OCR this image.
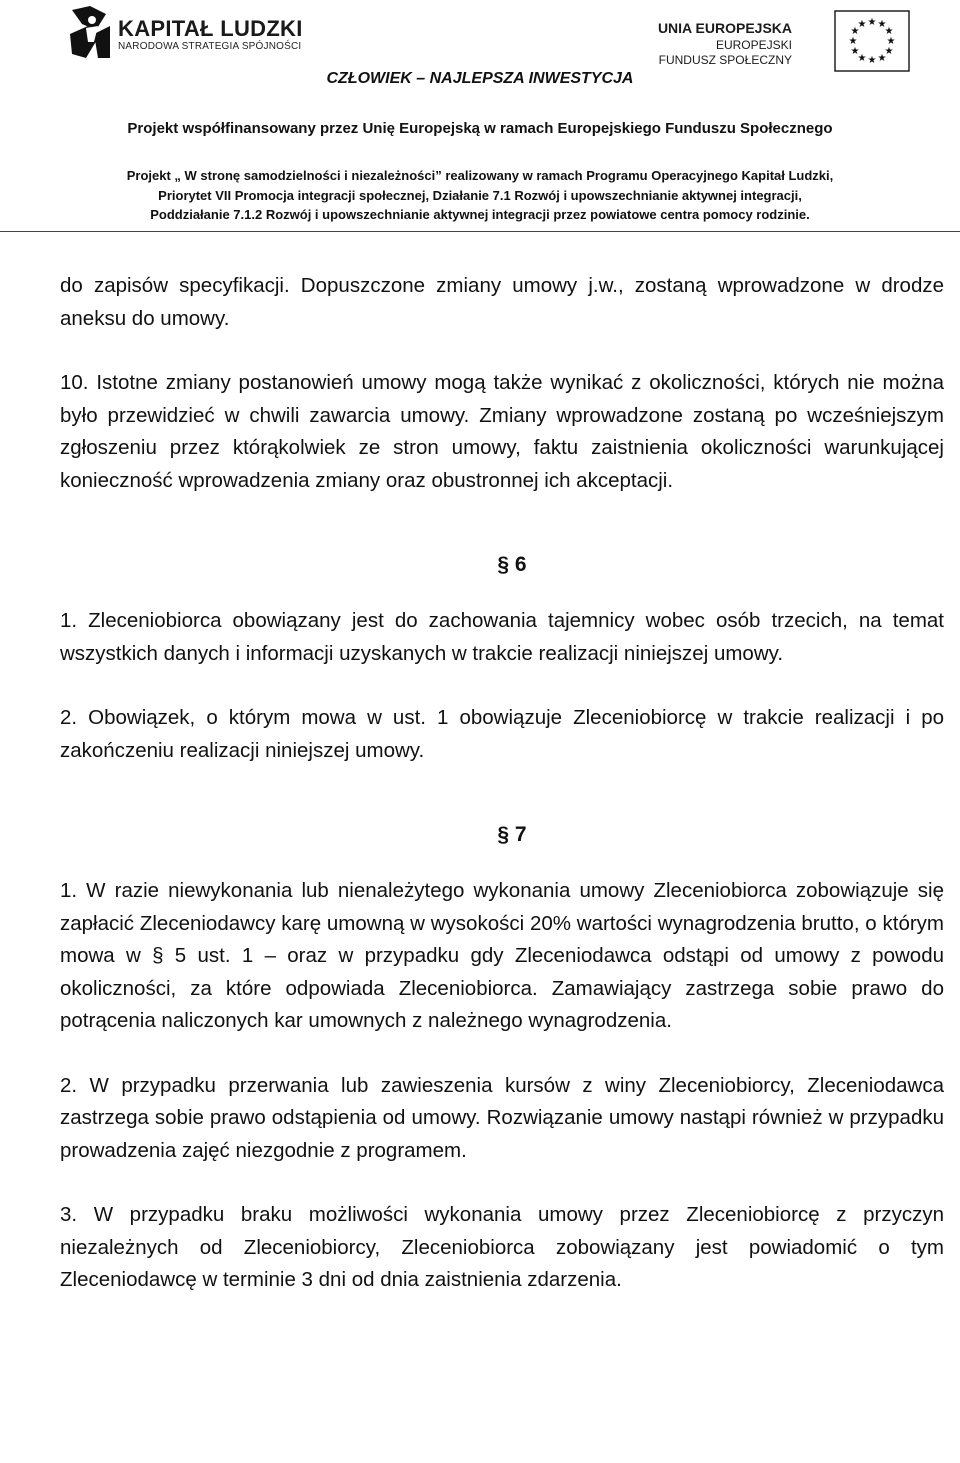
KAPITAŁ LUDZKI
NARODOWA STRATEGIA SPÓJNOŚCI
UNIA EUROPEJSKA
EUROPEJSKI
FUNDUSZ SPOŁECZNY
★ ★
★
★
★
★
★
★
★
★
★
★
CZŁOWIEK – NAJLEPSZA INWESTYCJA
Projekt współfinansowany przez Unię Europejską w ramach Europejskiego Funduszu Społecznego
Projekt „ W stronę samodzielności i niezależności” realizowany w ramach Programu Operacyjnego Kapitał Ludzki,
Priorytet VII Promocja integracji społecznej, Działanie 7.1 Rozwój i upowszechnianie aktywnej integracji,
Poddziałanie 7.1.2 Rozwój i upowszechnianie aktywnej integracji przez powiatowe centra pomocy rodzinie.

do zapisów specyfikacji. Dopuszczone zmiany umowy j.w., zostaną wprowadzone w drodze aneksu do umowy.

10. Istotne zmiany postanowień umowy mogą także wynikać z okoliczności, których nie można było przewidzieć w chwili zawarcia umowy. Zmiany wprowadzone zostaną po wcześniejszym zgłoszeniu przez którąkolwiek ze stron umowy, faktu zaistnienia okoliczności warunkującej konieczność wprowadzenia zmiany oraz obustronnej ich akceptacji.

§ 6

1. Zleceniobiorca obowiązany jest do zachowania tajemnicy wobec osób trzecich, na temat wszystkich danych i informacji uzyskanych w trakcie realizacji niniejszej umowy.

2. Obowiązek, o którym mowa w ust. 1 obowiązuje Zleceniobiorcę w trakcie realizacji i po zakończeniu realizacji niniejszej umowy.

§ 7

1. W razie niewykonania lub nienależytego wykonania umowy Zleceniobiorca zobowiązuje się zapłacić Zleceniodawcy karę umowną w wysokości 20% wartości wynagrodzenia brutto, o którym mowa w § 5 ust. 1 – oraz w przypadku gdy Zleceniodawca odstąpi od umowy z powodu okoliczności, za które odpowiada Zleceniobiorca. Zamawiający zastrzega sobie prawo do potrącenia naliczonych kar umownych z należnego wynagrodzenia.

2. W przypadku przerwania lub zawieszenia kursów z winy Zleceniobiorcy, Zleceniodawca zastrzega sobie prawo odstąpienia od umowy. Rozwiązanie umowy nastąpi również w przypadku prowadzenia zajęć niezgodnie z programem.

3. W przypadku braku możliwości wykonania umowy przez Zleceniobiorcę z przyczyn niezależnych od Zleceniobiorcy, Zleceniobiorca zobowiązany jest powiadomić o tym Zleceniodawcę w terminie 3 dni od dnia zaistnienia zdarzenia.
